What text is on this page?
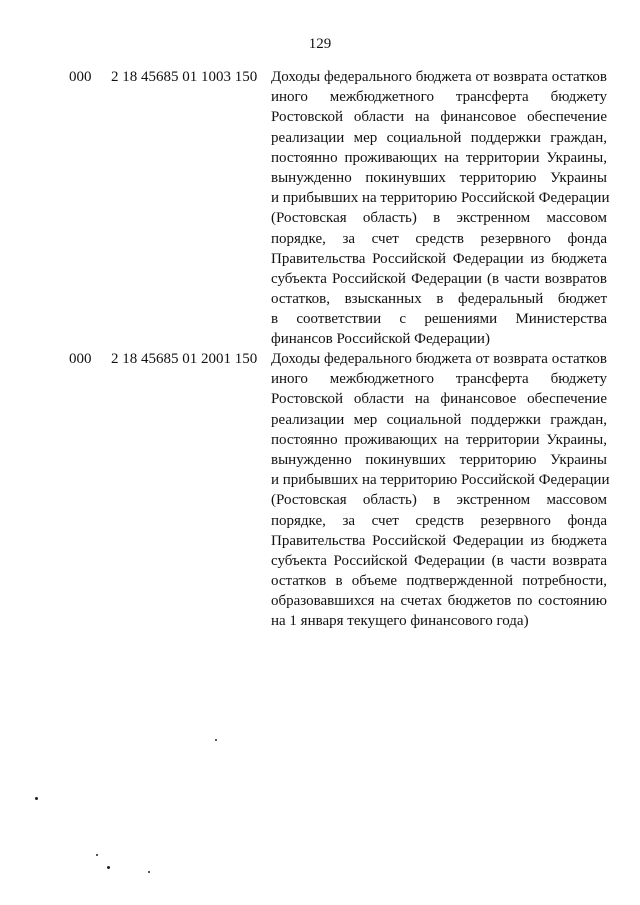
129
000 2 18 45685 01 1003 150 Доходы федерального бюджета от возврата остатков
иного межбюджетного трансферта бюджету
Ростовской области на финансовое обеспечение
реализации мер социальной поддержки граждан,
постоянно проживающих на территории Украины,
вынужденно покинувших территорию Украины
и прибывших на территорию Российской Федерации
(Ростовская область) в экстренном массовом
порядке, за счет средств резервного фонда
Правительства Российской Федерации из бюджета
субъекта Российской Федерации (в части возвратов
остатков, взысканных в федеральный бюджет
в соответствии с решениями Министерства
финансов Российской Федерации)
000 2 18 45685 01 2001 150 Доходы федерального бюджета от возврата остатков
иного межбюджетного трансферта бюджету
Ростовской области на финансовое обеспечение
реализации мер социальной поддержки граждан,
постоянно проживающих на территории Украины,
вынужденно покинувших территорию Украины
и прибывших на территорию Российской Федерации
(Ростовская область) в экстренном массовом
порядке, за счет средств резервного фонда
Правительства Российской Федерации из бюджета
субъекта Российской Федерации (в части возврата
остатков в объеме подтвержденной потребности,
образовавшихся на счетах бюджетов по состоянию
на 1 января текущего финансового года)
